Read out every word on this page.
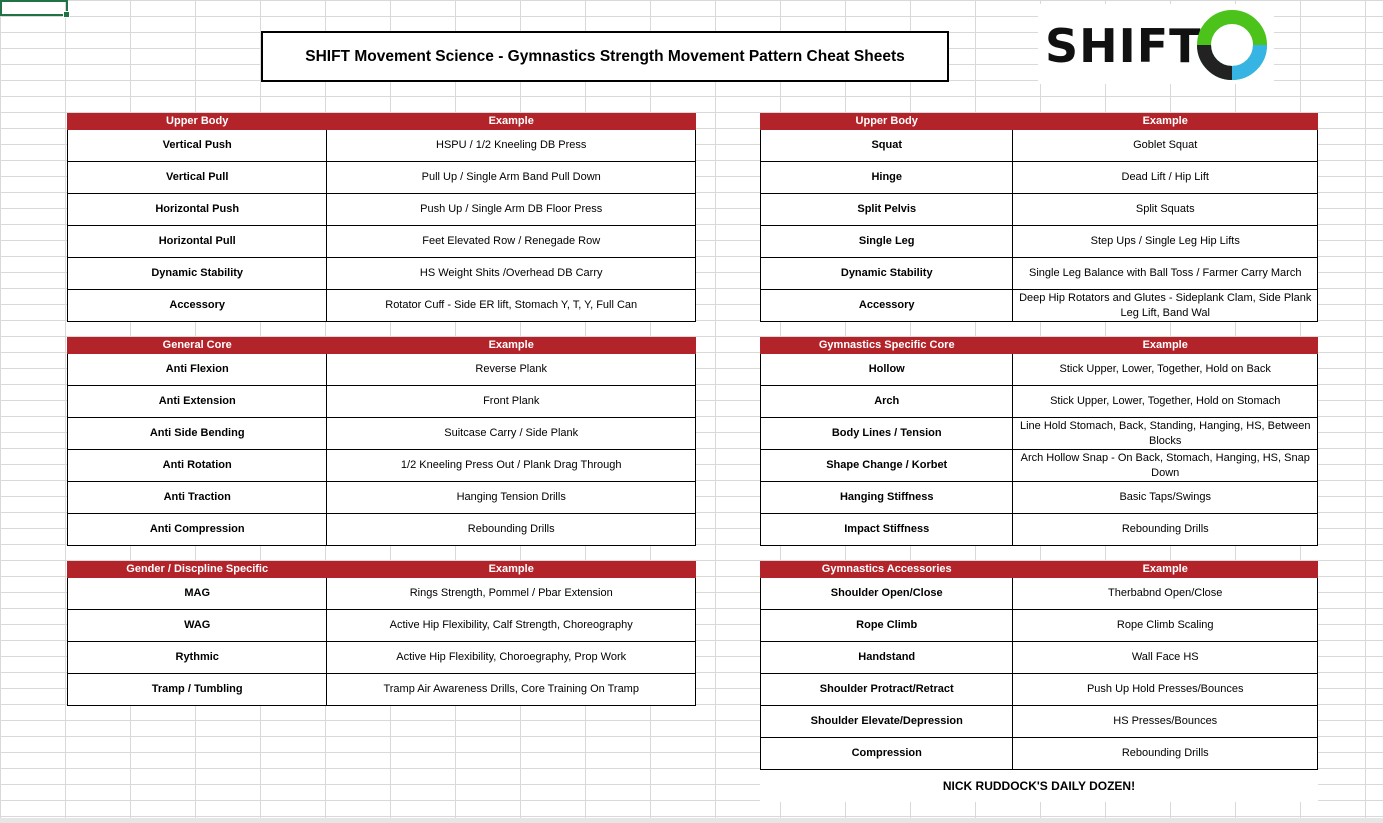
SHIFT Movement Science - Gymnastics Strength Movement Pattern Cheat Sheets	SHIFT
Upper Body	Example
Vertical Push	HSPU / 1/2 Kneeling DB Press
Vertical Pull	Pull Up / Single Arm Band Pull Down
Horizontal Push	Push Up / Single Arm DB Floor Press
Horizontal Pull	Feet Elevated Row / Renegade Row
Dynamic Stability	HS Weight Shits /Overhead DB Carry
Accessory	Rotator Cuff - Side ER lift, Stomach Y, T, Y, Full Can
General Core	Example
Anti Flexion	Reverse Plank
Anti Extension	Front Plank
Anti Side Bending	Suitcase Carry / Side Plank
Anti Rotation	1/2 Kneeling Press Out / Plank Drag Through
Anti Traction	Hanging Tension Drills
Anti Compression	Rebounding Drills
Gender / Discpline Specific	Example
MAG	Rings Strength, Pommel / Pbar Extension
WAG	Active Hip Flexibility, Calf Strength, Choreography
Rythmic	Active Hip Flexibility, Choroegraphy, Prop Work
Tramp / Tumbling	Tramp Air Awareness Drills, Core Training On Tramp
Upper Body	Example
Squat	Goblet Squat
Hinge	Dead Lift / Hip Lift
Split Pelvis	Split Squats
Single Leg	Step Ups / Single Leg Hip Lifts
Dynamic Stability	Single Leg Balance with Ball Toss / Farmer Carry March
Accessory	Deep Hip Rotators and Glutes - Sideplank Clam, Side Plank Leg Lift, Band Wal
Gymnastics Specific Core	Example
Hollow	Stick Upper, Lower, Together, Hold on Back
Arch	Stick Upper, Lower, Together, Hold on Stomach
Body Lines / Tension	Line Hold Stomach, Back, Standing, Hanging, HS, Between Blocks
Shape Change / Korbet	Arch Hollow Snap - On Back, Stomach, Hanging, HS, Snap Down
Hanging Stiffness	Basic Taps/Swings
Impact Stiffness	Rebounding Drills
Gymnastics Accessories	Example
Shoulder Open/Close	Therbabnd Open/Close
Rope Climb	Rope Climb Scaling
Handstand	Wall Face HS
Shoulder Protract/Retract	Push Up Hold Presses/Bounces
Shoulder Elevate/Depression	HS Presses/Bounces
Compression	Rebounding Drills
NICK RUDDOCK'S DAILY DOZEN!
